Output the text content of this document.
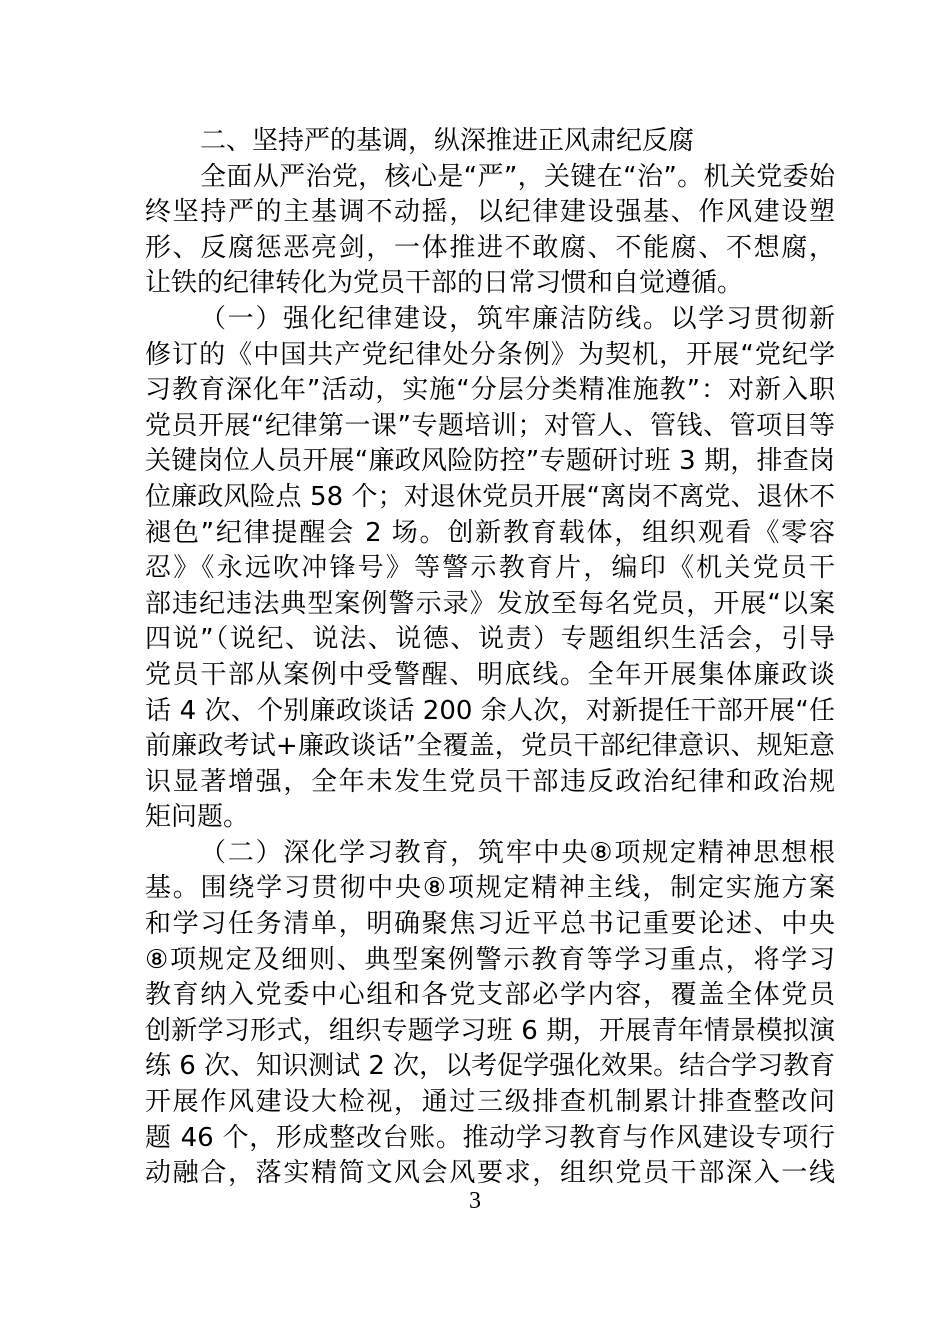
二、坚持严的基调，纵深推进正风肃纪反腐
全面从严治党，核心是“严”，关键在“治”。机关党委始
终坚持严的主基调不动摇，以纪律建设强基、作风建设塑
形、反腐惩恶亮剑，一体推进不敢腐、不能腐、不想腐，
让铁的纪律转化为党员干部的日常习惯和自觉遵循。
（一）强化纪律建设，筑牢廉洁防线。以学习贯彻新
修订的《中国共产党纪律处分条例》为契机，开展“党纪学
习教育深化年”活动，实施“分层分类精准施教”：对新入职
党员开展“纪律第一课”专题培训；对管人、管钱、管项目等
关键岗位人员开展“廉政风险防控”专题研讨班 3 期，排查岗
位廉政风险点 58 个；对退休党员开展“离岗不离党、退休不
褪色”纪律提醒会 2 场。创新教育载体，组织观看《零容
忍》《永远吹冲锋号》等警示教育片，编印《机关党员干
部违纪违法典型案例警示录》发放至每名党员，开展“以案
四说”（说纪、说法、说德、说责）专题组织生活会，引导
党员干部从案例中受警醒、明底线。全年开展集体廉政谈
话 4 次、个别廉政谈话 200 余人次，对新提任干部开展“任
前廉政考试+廉政谈话”全覆盖，党员干部纪律意识、规矩意
识显著增强，全年未发生党员干部违反政治纪律和政治规
矩问题。
（二）深化学习教育，筑牢中央⑧项规定精神思想根
基。围绕学习贯彻中央⑧项规定精神主线，制定实施方案
和学习任务清单，明确聚焦习近平总书记重要论述、中央
⑧项规定及细则、典型案例警示教育等学习重点，将学习
教育纳入党委中心组和各党支部必学内容，覆盖全体党员
创新学习形式，组织专题学习班 6 期，开展青年情景模拟演
练 6 次、知识测试 2 次，以考促学强化效果。结合学习教育
开展作风建设大检视，通过三级排查机制累计排查整改问
题 46 个，形成整改台账。推动学习教育与作风建设专项行
动融合，落实精简文风会风要求，组织党员干部深入一线
3
